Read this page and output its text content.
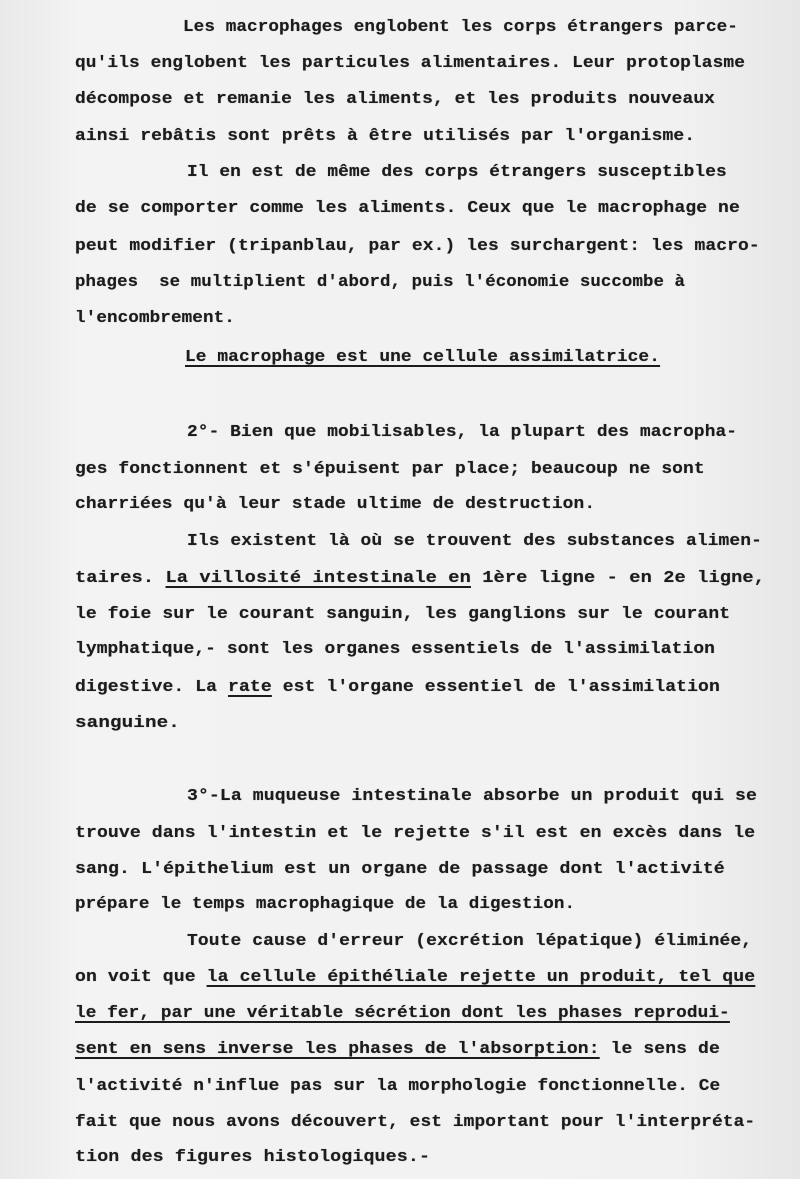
Les macrophages englobent les corps étrangers parce-
qu'ils englobent les particules alimentaires. Leur protoplasme
décompose et remanie les aliments, et les produits nouveaux
ainsi rebâtis sont prêts à être utilisés par l'organisme.
Il en est de même des corps étrangers susceptibles
de se comporter comme les aliments. Ceux que le macrophage ne
peut modifier (tripanblau, par ex.) les surchargent: les macro-
phages  se multiplient d'abord, puis l'économie succombe à
l'encombrement.
Le macrophage est une cellule assimilatrice.
2°- Bien que mobilisables, la plupart des macropha-
ges fonctionnent et s'épuisent par place; beaucoup ne sont
charriées qu'à leur stade ultime de destruction.
Ils existent là où se trouvent des substances alimen-
taires. La villosité intestinale en 1ère ligne - en 2e ligne,
le foie sur le courant sanguin, les ganglions sur le courant
lymphatique,- sont les organes essentiels de l'assimilation
digestive. La rate est l'organe essentiel de l'assimilation
sanguine.
3°-La muqueuse intestinale absorbe un produit qui se
trouve dans l'intestin et le rejette s'il est en excès dans le
sang. L'épithelium est un organe de passage dont l'activité
prépare le temps macrophagique de la digestion.
Toute cause d'erreur (excrétion lépatique) éliminée,
on voit que la cellule épithéliale rejette un produit, tel que
le fer, par une véritable sécrétion dont les phases reprodui-
sent en sens inverse les phases de l'absorption: le sens de
l'activité n'influe pas sur la morphologie fonctionnelle. Ce
fait que nous avons découvert, est important pour l'interpréta-
tion des figures histologiques.-
